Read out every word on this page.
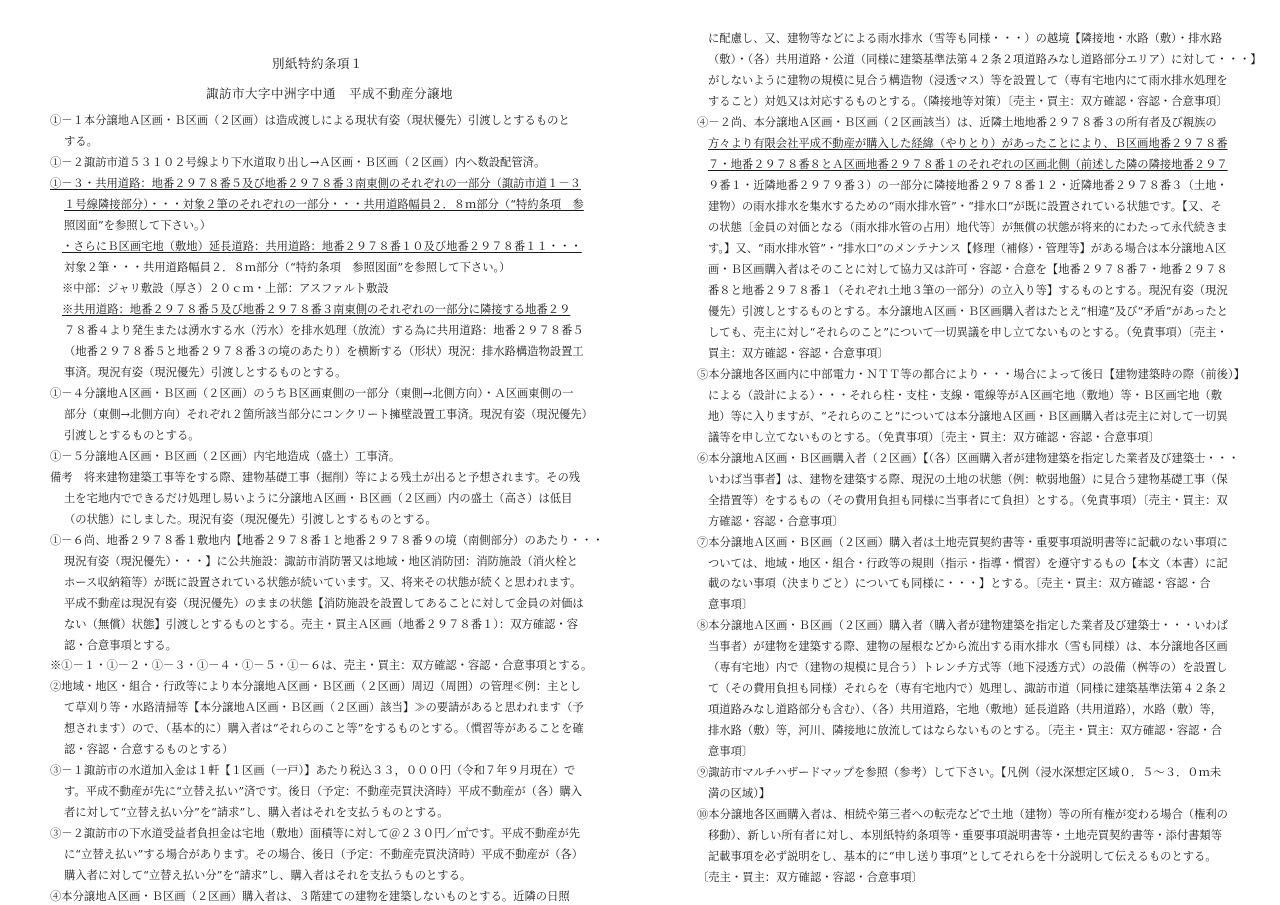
別紙特約条項１
諏訪市大字中洲字中通　平成不動産分譲地
①－１本分譲地Ａ区画・Ｂ区画（２区画）は造成渡しによる現状有姿（現状優先）引渡しとするものと
する。
①－２諏訪市道５３１０２号線より下水道取り出し→Ａ区画・Ｂ区画（２区画）内へ数設配管済。
①－３・共用道路：地番２９７８番５及び地番２９７８番３南東側のそれぞれの一部分（諏訪市道１－３
１号線隣接部分）・・・対象２筆のそれぞれの一部分・・・共用道路幅員２．８ｍ部分（“特約条項　参
照図面”を参照して下さい。）
・さらにＢ区画宅地（敷地）延長道路：共用道路：地番２９７８番１０及び地番２９７８番１１・・・
対象２筆・・・共用道路幅員２．８ｍ部分（“特約条項　参照図面”を参照して下さい。）
※中部：ジャリ敷設（厚さ）２０ｃｍ・上部：アスファルト敷設
※共用道路：地番２９７８番５及び地番２９７８番３南東側のそれぞれの一部分に隣接する地番２９
７８番４より発生または湧水する水（汚水）を排水処理（放流）する為に共用道路：地番２９７８番５
（地番２９７８番５と地番２９７８番３の境のあたり）を横断する（形状）現況：排水路構造物設置工
事済。現況有姿（現況優先）引渡しとするものとする。
①－４分譲地Ａ区画・Ｂ区画（２区画）のうちＢ区画東側の一部分（東側→北側方向）・Ａ区画東側の一
部分（東側→北側方向）それぞれ２箇所該当部分にコンクリート擁壁設置工事済。現況有姿（現況優先）
引渡しとするものとする。
①－５分譲地Ａ区画・Ｂ区画（２区画）内宅地造成（盛土）工事済。
備考　将来建物建築工事等をする際、建物基礎工事（掘削）等による残土が出ると予想されます。その残
土を宅地内でできるだけ処理し易いように分譲地Ａ区画・Ｂ区画（２区画）内の盛土（高さ）は低目
（の状態）にしました。現況有姿（現況優先）引渡しとするものとする。
①－６尚、地番２９７８番１敷地内【地番２９７８番１と地番２９７８番９の境（南側部分）のあたり・・・
現況有姿（現況優先）・・・】に公共施設：諏訪市消防署又は地域・地区消防団：消防施設（消火栓と
ホース収納箱等）が既に設置されている状態が続いています。又、将来その状態が続くと思われます。
平成不動産は現況有姿（現況優先）のままの状態【消防施設を設置してあることに対して金員の対価は
ない（無償）状態】引渡しとするものとする。売主・買主Ａ区画（地番２９７８番１）：双方確認・容
認・合意事項とする。
※①－１・①－２・①－３・①－４・①－５・①－６は、売主・買主：双方確認・容認・合意事項とする。
②地域・地区・組合・行政等により本分譲地Ａ区画・Ｂ区画（２区画）周辺（周囲）の管理≪例：主とし
て草刈り等・水路清掃等【本分譲地Ａ区画・Ｂ区画（２区画）該当】≫の要請があると思われます（予
想されます）ので、（基本的に）購入者は“それらのこと等”をするものとする。（慣習等があることを確
認・容認・合意するものとする）
③－１諏訪市の水道加入金は１軒【１区画（一戸）】あたり税込３３，０００円（令和７年９月現在）で
す。平成不動産が先に“立替え払い”済です。後日（予定：不動産売買決済時）平成不動産が（各）購入
者に対して“立替え払い分”を“請求”し、購入者はそれを支払うものとする。
③－２諏訪市の下水道受益者負担金は宅地（敷地）面積等に対して＠２３０円／㎡です。平成不動産が先
に“立替え払い”する場合があります。その場合、後日（予定：不動産売買決済時）平成不動産が（各）
購入者に対して“立替え払い分”を“請求”し、購入者はそれを支払うものとする。
④本分譲地Ａ区画・Ｂ区画（２区画）購入者は、３階建ての建物を建築しないものとする。近隣の日照
に配慮し、又、建物等などによる雨水排水（雪等も同様・・・）の越境【隣接地・水路（敷）・排水路
（敷）・（各）共用道路・公道（同様に建築基準法第４２条２項道路みなし道路部分エリア）に対して・・・】
がしないように建物の規模に見合う構造物（浸透マス）等を設置して（専有宅地内にて雨水排水処理を
すること）対処又は対応するものとする。（隣接地等対策）〔売主・買主：双方確認・容認・合意事項〕
④－２尚、本分譲地Ａ区画・Ｂ区画（２区画該当）は、近隣土地地番２９７８番３の所有者及び親族の
方々より有限会社平成不動産が購入した経緯（やりとり）があったことにより、Ｂ区画地番２９７８番
７・地番２９７８番８とＡ区画地番２９７８番１のそれぞれの区画北側（前述した隣の隣接地番２９７
９番１・近隣地番２９７９番３）の一部分に隣接地番２９７８番１２・近隣地番２９７８番３（土地・
建物）の雨水排水を集水するための“雨水排水管”・“排水口”が既に設置されている状態です。【又、そ
の状態〔金員の対価となる（雨水排水管の占用）地代等〕が無償の状態が将来的にわたって永代続きま
す。】又、“雨水排水管”・“排水口”のメンテナンス【修理（補修）・管理等】がある場合は本分譲地Ａ区
画・Ｂ区画購入者はそのことに対して協力又は許可・容認・合意を【地番２９７８番７・地番２９７８
番８と地番２９７８番１（それぞれ土地３筆の一部分）の立入り等】するものとする。現況有姿（現況
優先）引渡しとするものとする。本分譲地Ａ区画・Ｂ区画購入者はたとえ“相違”及び“矛盾”があったと
しても、売主に対し“それらのこと”について一切異議を申し立てないものとする。（免責事項）〔売主・
買主：双方確認・容認・合意事項〕
⑤本分譲地各区画内に中部電力・ＮＴＴ等の都合により・・・場合によって後日【建物建築時の際（前後）】
による（設計による）・・・それら柱・支柱・支線・電線等がＡ区画宅地（敷地）等・Ｂ区画宅地（敷
地）等に入りますが、“それらのこと”については本分譲地Ａ区画・Ｂ区画購入者は売主に対して一切異
議等を申し立てないものとする。（免責事項）〔売主・買主：双方確認・容認・合意事項〕
⑥本分譲地Ａ区画・Ｂ区画購入者（２区画）【（各）区画購入者が建物建築を指定した業者及び建築士・・・
いわば当事者】は、建物を建築する際、現況の土地の状態（例：軟弱地盤）に見合う建物基礎工事（保
全措置等）をするもの（その費用負担も同様に当事者にて負担）とする。（免責事項）〔売主・買主：双
方確認・容認・合意事項〕
⑦本分譲地Ａ区画・Ｂ区画（２区画）購入者は土地売買契約書等・重要事項説明書等に記載のない事項に
ついては、地域・地区・組合・行政等の規則（指示・指導・慣習）を遵守するもの【本文（本書）に記
載のない事項（決まりごと）についても同様に・・・】とする。〔売主・買主：双方確認・容認・合
意事項〕
⑧本分譲地Ａ区画・Ｂ区画（２区画）購入者（購入者が建物建築を指定した業者及び建築士・・・いわば
当事者）が建物を建築する際、建物の屋根などから流出する雨水排水（雪も同様）は、本分譲地各区画
（専有宅地）内で（建物の規模に見合う）トレンチ方式等（地下浸透方式）の設備（桝等の）を設置し
て（その費用負担も同様）それらを（専有宅地内で）処理し、諏訪市道（同様に建築基準法第４２条２
項道路みなし道路部分も含む）、（各）共用道路，宅地（敷地）延長道路（共用道路），水路（敷）等，
排水路（敷）等，河川、隣接地に放流してはならないものとする。〔売主・買主：双方確認・容認・合
意事項〕
⑨諏訪市マルチハザードマップを参照（参考）して下さい。【凡例（浸水深想定区域０．５～３．０ｍ未
満の区域）】
⑩本分譲地各区画購入者は、相続や第三者への転売などで土地（建物）等の所有権が変わる場合（権利の
移動）、新しい所有者に対し、本別紙特約条項等・重要事項説明書等・土地売買契約書等・添付書類等
記載事項を必ず説明をし、基本的に“申し送り事項”としてそれらを十分説明して伝えるものとする。
〔売主・買主：双方確認・容認・合意事項〕
